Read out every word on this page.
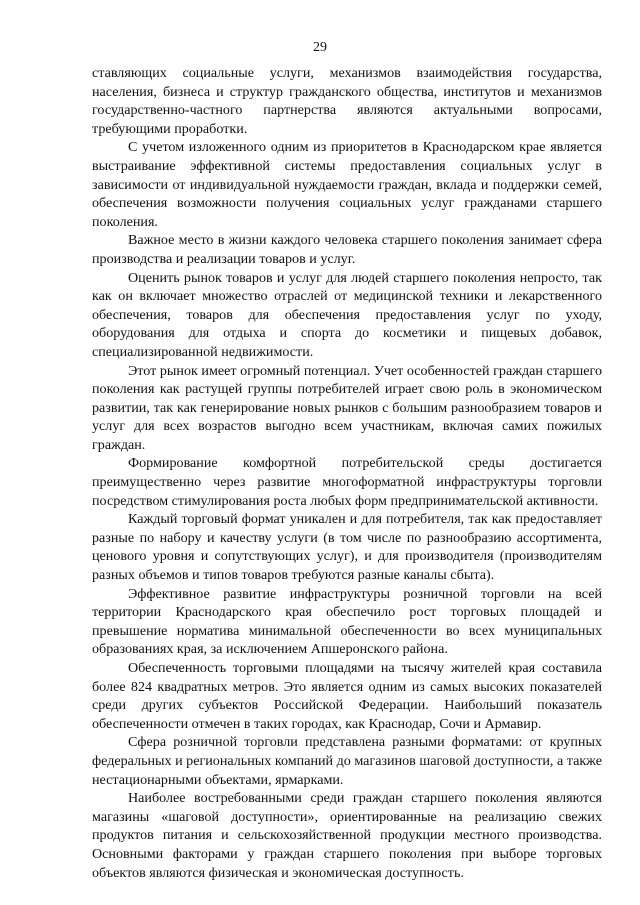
29

ставляющих социальные услуги, механизмов взаимодействия государства, населения, бизнеса и структур гражданского общества, институтов и механизмов государственно-частного партнерства являются актуальными вопросами, требующими проработки.

С учетом изложенного одним из приоритетов в Краснодарском крае является выстраивание эффективной системы предоставления социальных услуг в зависимости от индивидуальной нуждаемости граждан, вклада и поддержки семей, обеспечения возможности получения социальных услуг гражданами старшего поколения.

Важное место в жизни каждого человека старшего поколения занимает сфера производства и реализации товаров и услуг.

Оценить рынок товаров и услуг для людей старшего поколения непросто, так как он включает множество отраслей от медицинской техники и лекарственного обеспечения, товаров для обеспечения предоставления услуг по уходу, оборудования для отдыха и спорта до косметики и пищевых добавок, специализированной недвижимости.

Этот рынок имеет огромный потенциал. Учет особенностей граждан старшего поколения как растущей группы потребителей играет свою роль в экономическом развитии, так как генерирование новых рынков с большим разнообразием товаров и услуг для всех возрастов выгодно всем участникам, включая самих пожилых граждан.

Формирование комфортной потребительской среды достигается преимущественно через развитие многоформатной инфраструктуры торговли посредством стимулирования роста любых форм предпринимательской активности.

Каждый торговый формат уникален и для потребителя, так как предоставляет разные по набору и качеству услуги (в том числе по разнообразию ассортимента, ценового уровня и сопутствующих услуг), и для производителя (производителям разных объемов и типов товаров требуются разные каналы сбыта).

Эффективное развитие инфраструктуры розничной торговли на всей территории Краснодарского края обеспечило рост торговых площадей и превышение норматива минимальной обеспеченности во всех муниципальных образованиях края, за исключением Апшеронского района.

Обеспеченность торговыми площадями на тысячу жителей края составила более 824 квадратных метров. Это является одним из самых высоких показателей среди других субъектов Российской Федерации. Наибольший показатель обеспеченности отмечен в таких городах, как Краснодар, Сочи и Армавир.

Сфера розничной торговли представлена разными форматами: от крупных федеральных и региональных компаний до магазинов шаговой доступности, а также нестационарными объектами, ярмарками.

Наиболее востребованными среди граждан старшего поколения являются магазины «шаговой доступности», ориентированные на реализацию свежих продуктов питания и сельскохозяйственной продукции местного производства. Основными факторами у граждан старшего поколения при выборе торговых объектов являются физическая и экономическая доступность.
